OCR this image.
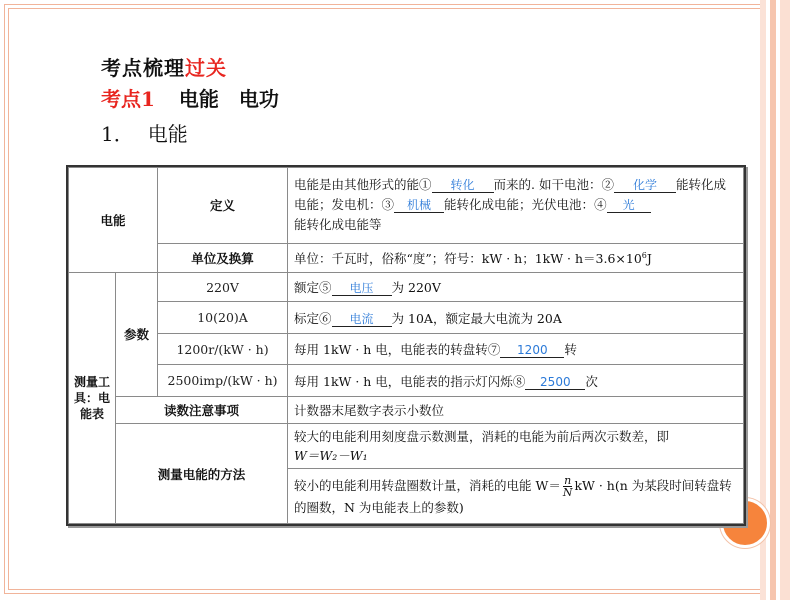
考点梳理过关
考点1 电能 电功
1． 电能
电能		定义	电能是由其他形式的能① 转化 而来的. 如干电池：② 化学 能转化成电能；发电机：③ 机械 能转化成电能；光伏电池：④ 光
能转化成电能等
		单位及换算	单位：千瓦时，俗称“度”；符号：kW · h；$1kW \cdot h=3.6\times 10^6J$
测量工具：电能表	参数	220V	额定⑤ 电压 为 220V
		10(20)A	标定⑥ 电流 为 10A，额定最大电流为 20A
		1200r/(kW · h)	每用 1kW · h 电，电能表的转盘转⑦ 1200 转
		2500imp/(kW · h)	每用 1kW · h 电，电能表的指示灯闪烁⑧ 2500 次
	读数注意事项		计数器末尾数字表示小数位
	测量电能的方法		较大的电能利用刻度盘示数测量，消耗的电能为前后两次示数差，即
W＝W₂－W₁
			较小的电能利用转盘圈数计量，消耗的电能 $W= \frac{n}{N}$ kW · h(n 为某段时间转盘转的圈数，N 为电能表上的参数)
